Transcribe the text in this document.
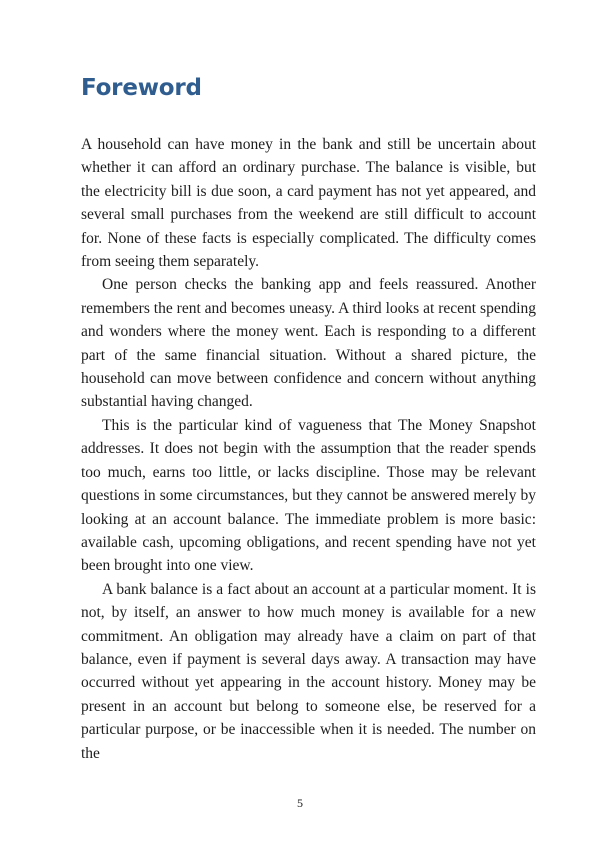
Foreword

A household can have money in the bank and still be uncertain about whether it can afford an ordinary purchase. The balance is visible, but the electricity bill is due soon, a card payment has not yet appeared, and several small purchases from the weekend are still difficult to account for. None of these facts is especially complicated. The difficulty comes from seeing them separately.

One person checks the banking app and feels reassured. Another remembers the rent and becomes uneasy. A third looks at recent spending and wonders where the money went. Each is responding to a different part of the same financial situation. Without a shared picture, the household can move between confidence and concern without anything substantial having changed.

This is the particular kind of vagueness that The Money Snapshot addresses. It does not begin with the assumption that the reader spends too much, earns too little, or lacks discipline. Those may be relevant questions in some circumstances, but they cannot be answered merely by looking at an account balance. The immediate problem is more basic: available cash, upcoming obligations, and recent spending have not yet been brought into one view.

A bank balance is a fact about an account at a particular moment. It is not, by itself, an answer to how much money is available for a new commitment. An obligation may already have a claim on part of that balance, even if payment is several days away. A transaction may have occurred without yet appearing in the account history. Money may be present in an account but belong to someone else, be reserved for a particular purpose, or be inaccessible when it is needed. The number on the

5
